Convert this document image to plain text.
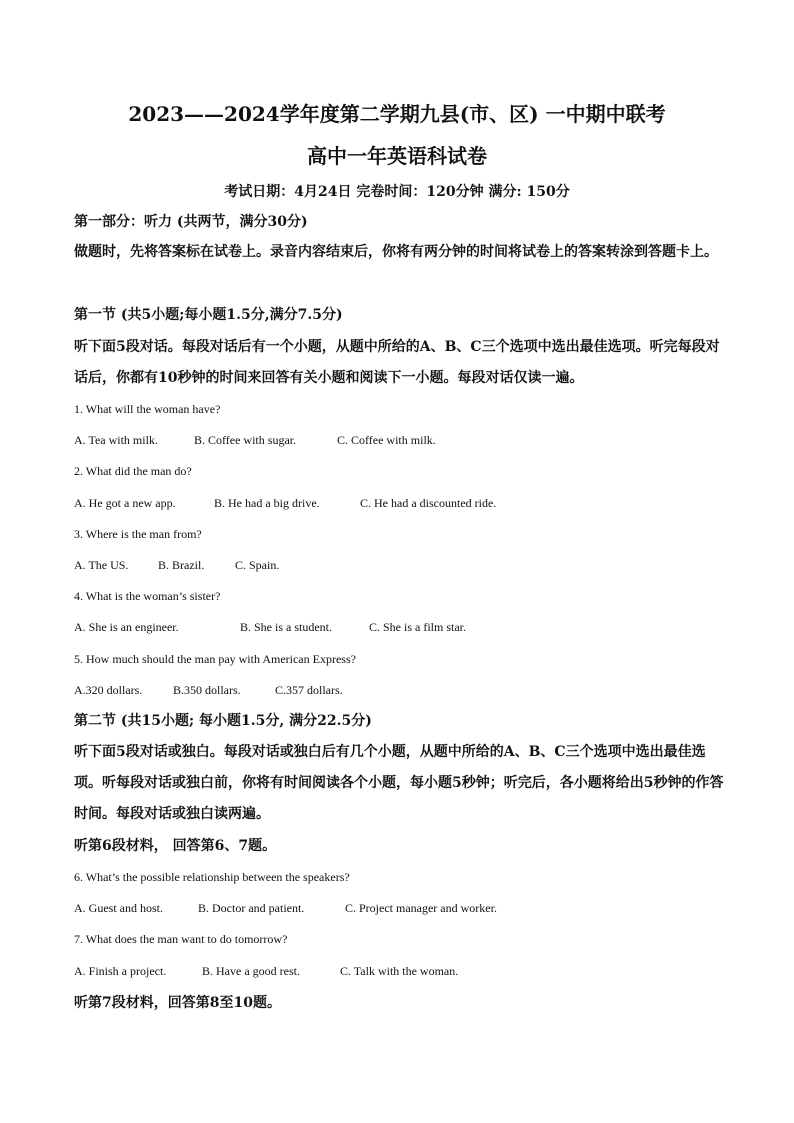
2023——2024学年度第二学期九县(市、区) 一中期中联考
高中一年英语科试卷
考试日期：4月24日 完卷时间：120分钟 满分: 150分
第一部分：听力 (共两节，满分30分)
做题时，先将答案标在试卷上。录音内容结束后，你将有两分钟的时间将试卷上的答案转涂到答题卡上。
第一节 (共5小题;每小题1.5分,满分7.5分)
听下面5段对话。每段对话后有一个小题，从题中所给的A、B、C三个选项中选出最佳选项。听完每段对话后，你都有10秒钟的时间来回答有关小题和阅读下一小题。每段对话仅读一遍。
1. What will the woman have?
A. Tea with milk.	B. Coffee with sugar.	C. Coffee with milk.
2. What did the man do?
A. He got a new app.	B. He had a big drive.	C. He had a discounted ride.
3. Where is the man from?
A. The US. B. Brazil.	C. Spain.
4. What is the woman’s sister?
A. She is an engineer.	B. She is a student.	C. She is a film star.
5. How much should the man pay with American Express?
A.320 dollars.	B.350 dollars.	C.357 dollars.
第二节 (共15小题; 每小题1.5分, 满分22.5分)
听下面5段对话或独白。每段对话或独白后有几个小题，从题中所给的A、B、C三个选项中选出最佳选项。听每段对话或独白前，你将有时间阅读各个小题，每小题5秒钟；听完后，各小题将给出5秒钟的作答时间。每段对话或独白读两遍。
听第6段材料， 回答第6、7题。
6. What’s the possible relationship between the speakers?
A. Guest and host.	B. Doctor and patient.	C. Project manager and worker.
7. What does the man want to do tomorrow?
A. Finish a project.	B. Have a good rest.	C. Talk with the woman.
听第7段材料，回答第8至10题。
